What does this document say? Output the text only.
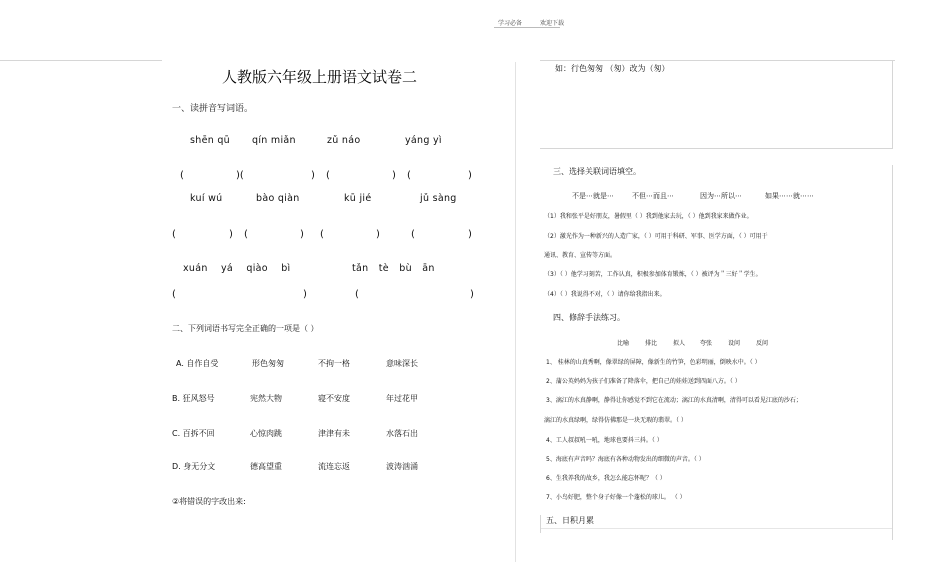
学习必备	欢迎下载
人教版六年级上册语文试卷二
一、读拼音写词语。
shēn qū qín miǎn	zǔ náo	yáng yì
(	)(	) (	) (	)
kuí wú	bào qiàn	kū jié	jǔ sàng
(	) (	) (	)	(	)
xuán yá qiào bì	tǎn tè bù ān
(	)	(	)
二、下列词语书写完全正确的一项是（ ）
A. 自作自受	形色匆匆	不拘一格	意味深长
B. 狂风怒号	宪然大物	寝不安度	年过花甲
C. 百拆不回	心惊肉跳	津津有未	水落石出
D. 身无分文	德高望重	流连忘返	波涛汹涌
②将错误的字改出来:
如：行色匆匆 （匆）改为（匆）
三、选择关联词语填空。
不是⋯就是⋯	不但⋯而且⋯	因为⋯所以⋯	如果⋯⋯就⋯⋯
（1）我和张平是好朋友，暑假里（ ）我到他家去玩，（ ）他到我家来做作业。
（2）激光作为一种新兴的人造广家，（ ）可用于科研、军事、医学方面，（ ）可用于
通讯、教育、宣传等方面。
（3）（ ）他学习刻苦，工作认真，积极参加体育锻炼，（ ）被评为＂三好＂学生。
（4）（ ）我说得不对，（ ）请你给我指出来。
四、修辞手法练习。
比喻	排比	拟人 夸张	设问	反问
1、 桂林的山真秀啊，像翠绿的屏障，像新生的竹笋，色彩明丽，倒映水中。（ ）
2、蒲公英妈妈为孩子们准备了降落伞，把自己的娃娃送到四面八方。（ ）
3、漓江的水真静啊，静得让你感觉不到它在流动；漓江的水真清啊，清得可以看见江底的沙石；
漓江的水真绿啊，绿得仿佛那是一块无瑕的翡翠。（ ）
4、工人叔叔吼一吼，地球也要抖三抖。（ ）
5、海底有声音吗？海底有各种动物发出的细微的声音。（ ）
6、生我养我的故乡，我怎么能忘怀呢？（ ）
7、小鸟好肥，整个身子好像一个蓬松的球儿。 （ ）
五、日积月累
